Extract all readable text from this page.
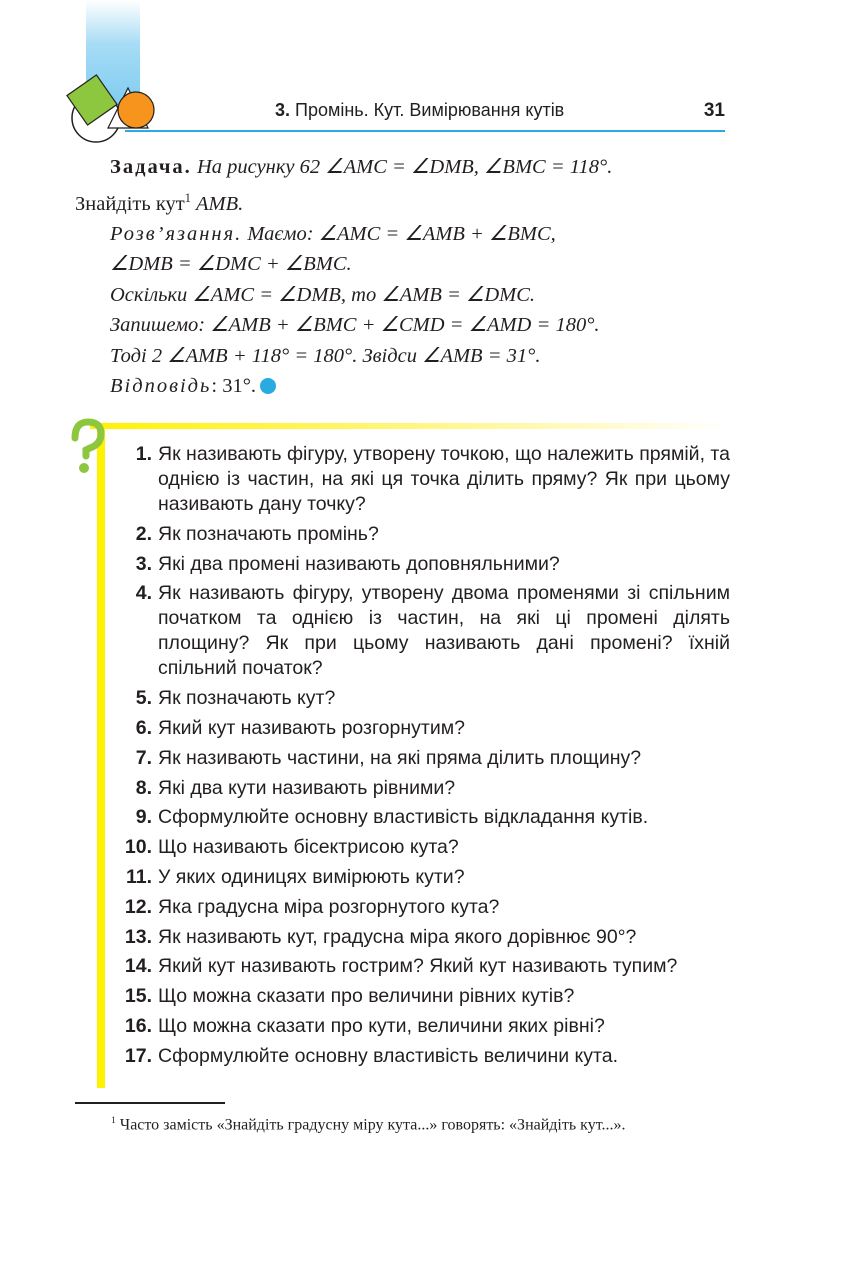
3. Промінь. Кут. Вимірювання кутів	31

Задача. На рисунку 62 ∠AMC = ∠DMB, ∠BMC = 118°.

Знайдіть кут$^1$ AMB.

Розв’язання. Маємо: ∠AMC = ∠AMB + ∠BMC,

∠DMB = ∠DMC + ∠BMC.

Оскільки ∠AMC = ∠DMB, то ∠AMB = ∠DMC.

Запишемо: ∠AMB + ∠BMC + ∠CMD = ∠AMD = 180°.

Тоді 2 ∠AMB + 118° = 180°. Звідси ∠AMB = 31°.

Відповідь: 31°.

1. Як називають фігуру, утворену точкою, що належить прямій, та однією із частин, на які ця точка ділить пряму? Як при цьому називають дану точку?
2. Як позначають промінь?
3. Які два промені називають доповняльними?
4. Як називають фігуру, утворену двома променями зі спільним початком та однією із частин, на які ці промені ділять площину? Як при цьому називають дані промені? їхній спільний початок?
5. Як позначають кут?
6. Який кут називають розгорнутим?
7. Як називають частини, на які пряма ділить площину?
8. Які два кути називають рівними?
9. Сформулюйте основну властивість відкладання кутів.
10. Що називають бісектрисою кута?
11. У яких одиницях вимірюють кути?
12. Яка градусна міра розгорнутого кута?
13. Як називають кут, градусна міра якого дорівнює 90°?
14. Який кут називають гострим? Який кут називають тупим?
15. Що можна сказати про величини рівних кутів?
16. Що можна сказати про кути, величини яких рівні?
17. Сформулюйте основну властивість величини кута.
$^1$ Часто замість «Знайдіть градусну міру кута...» говорять: «Знайдіть кут...».
